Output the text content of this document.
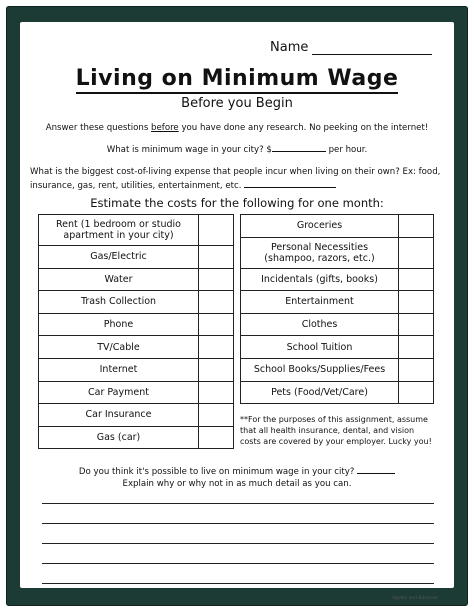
Name
Living on Minimum Wage
Before you Begin
Answer these questions before you have done any research. No peeking on the internet!
What is minimum wage in your city? $	per hour.
What is the biggest cost-of-living expense that people incur when living on their own? Ex: food, insurance, gas, rent, utilities, entertainment, etc.
Estimate the costs for the following for one month:
Rent (1 bedroom or studio apartment in your city)	
Gas/Electric	
Water	
Trash Collection	
Phone	
TV/Cable	
Internet	
Car Payment	
Car Insurance	
Gas (car)	
Groceries	
Personal Necessities (shampoo, razors, etc.)	
Incidentals (gifts, books)	
Entertainment	
Clothes	
School Tuition	
School Books/Supplies/Fees	
Pets (Food/Vet/Care)	
**For the purposes of this assignment, assume that all health insurance, dental, and vision costs are covered by your employer. Lucky you!
Do you think it's possible to live on minimum wage in your city?
Explain why or why not in as much detail as you can.
Apples and Bananas
